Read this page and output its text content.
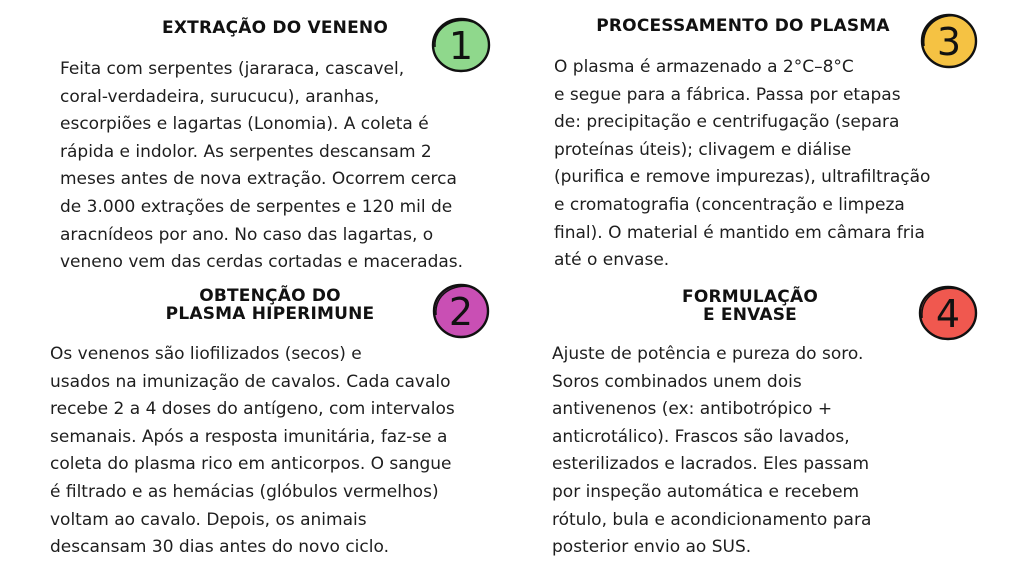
EXTRAÇÃO DO VENENO	1
Feita com serpentes (jararaca, cascavel,
coral-verdadeira, surucucu), aranhas,
escorpiões e lagartas (Lonomia). A coleta é
rápida e indolor. As serpentes descansam 2
meses antes de nova extração. Ocorrem cerca
de 3.000 extrações de serpentes e 120 mil de
aracnídeos por ano. No caso das lagartas, o
veneno vem das cerdas cortadas e maceradas.
OBTENÇÃO DO
PLASMA HIPERIMUNE	2
Os venenos são liofilizados (secos) e
usados na imunização de cavalos. Cada cavalo
recebe 2 a 4 doses do antígeno, com intervalos
semanais. Após a resposta imunitária, faz-se a
coleta do plasma rico em anticorpos. O sangue
é filtrado e as hemácias (glóbulos vermelhos)
voltam ao cavalo. Depois, os animais
descansam 30 dias antes do novo ciclo.
PROCESSAMENTO DO PLASMA	3
O plasma é armazenado a 2°C–8°C
e segue para a fábrica. Passa por etapas
de: precipitação e centrifugação (separa
proteínas úteis); clivagem e diálise
(purifica e remove impurezas), ultrafiltração
e cromatografia (concentração e limpeza
final). O material é mantido em câmara fria
até o envase.
FORMULAÇÃO
E ENVASE	4
Ajuste de potência e pureza do soro.
Soros combinados unem dois
antivenenos (ex: antibotrópico +
anticrotálico). Frascos são lavados,
esterilizados e lacrados. Eles passam
por inspeção automática e recebem
rótulo, bula e acondicionamento para
posterior envio ao SUS.
